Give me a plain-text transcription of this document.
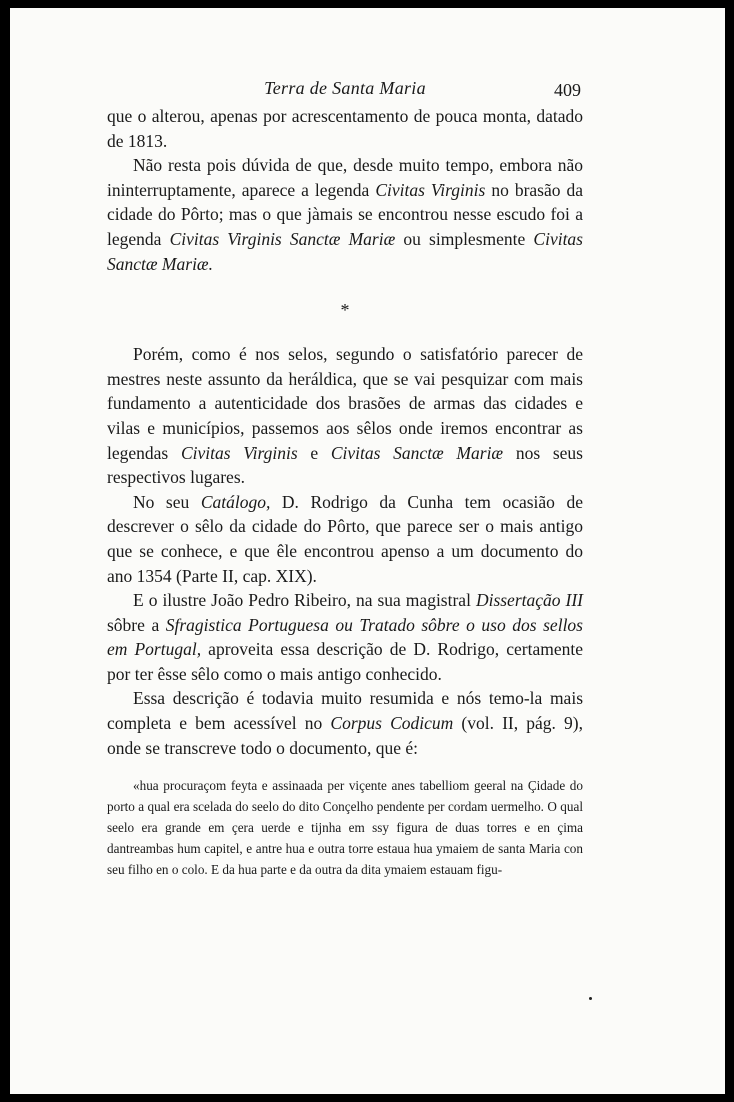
Terra de Santa Maria	409

que o alterou, apenas por acrescentamento de pouca monta, datado de 1813.

Não resta pois dúvida de que, desde muito tempo, embora não ininterruptamente, aparece a legenda Civitas Virginis no brasão da cidade do Pôrto; mas o que jàmais se encontrou nesse escudo foi a legenda Civitas Virginis Sanctæ Mariæ ou simplesmente Civitas Sanctæ Mariæ.

*

Porém, como é nos selos, segundo o satisfatório parecer de mestres neste assunto da heráldica, que se vai pesquizar com mais fundamento a autenticidade dos brasões de armas das cidades e vilas e municípios, passemos aos sêlos onde iremos encontrar as legendas Civitas Virginis e Civitas Sanctæ Mariæ nos seus respectivos lugares.

No seu Catálogo, D. Rodrigo da Cunha tem ocasião de descrever o sêlo da cidade do Pôrto, que parece ser o mais antigo que se conhece, e que êle encontrou apenso a um documento do ano 1354 (Parte II, cap. XIX).

E o ilustre João Pedro Ribeiro, na sua magistral Dissertação III sôbre a Sfragistica Portuguesa ou Tratado sôbre o uso dos sellos em Portugal, aproveita essa descrição de D. Rodrigo, certamente por ter êsse sêlo como o mais antigo conhecido.

Essa descrição é todavia muito resumida e nós temo-la mais completa e bem acessível no Corpus Codicum (vol. II, pág. 9), onde se transcreve todo o documento, que é:

«hua procuraçom feyta e assinaada per viçente anes tabelliom geeral na Çidade do porto a qual era scelada do seelo do dito Conçelho pendente per cordam uermelho. O qual seelo era grande em çera uerde e tijnha em ssy figura de duas torres e en çima dantreambas hum capitel, e antre hua e outra torre estaua hua ymaiem de santa Maria con seu filho en o colo. E da hua parte e da outra da dita ymaiem estauam figu-
